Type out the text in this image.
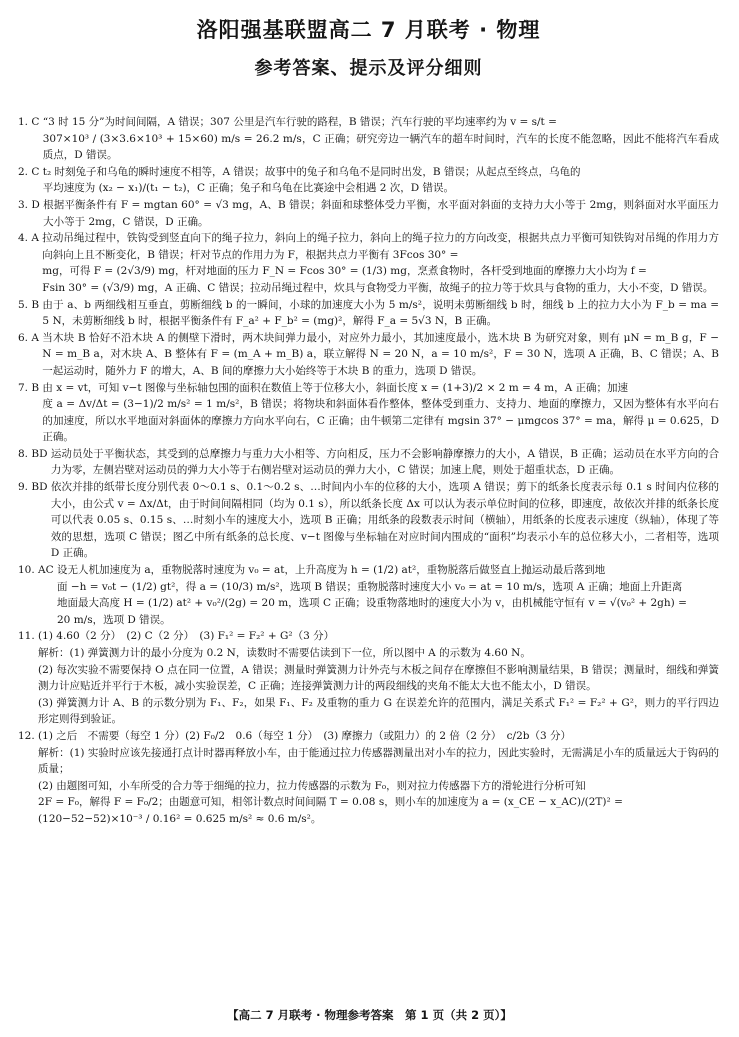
洛阳强基联盟高二 7 月联考 · 物理
参考答案、提示及评分细则
1. C “3 时 15 分”为时间间隔，A 错误；307 公里是汽车行驶的路程，B 错误；汽车行驶的平均速率约为 v = s/t =
307×10³ / (3×3.6×10³ + 15×60) m/s = 26.2 m/s，C 正确；研究旁边一辆汽车的超车时间时，汽车的长度不能忽略，因此不能将汽车看成质点，D 错误。
2. C t₂ 时刻兔子和乌龟的瞬时速度不相等，A 错误；故事中的兔子和乌龟不是同时出发，B 错误；从起点至终点，乌龟的
平均速度为 (x₂ − x₁)/(t₁ − t₂)，C 正确；兔子和乌龟在比赛途中会相遇 2 次，D 错误。
3. D 根据平衡条件有 F = mgtan 60° = √3 mg，A、B 错误；斜面和球整体受力平衡，水平面对斜面的支持力大小等于 2mg，则斜面对水平面压力大小等于 2mg，C 错误，D 正确。
4. A 拉动吊绳过程中，铁钩受到竖直向下的绳子拉力，斜向上的绳子拉力，斜向上的绳子拉力的方向改变，根据共点力平衡可知铁钩对吊绳的作用力方向斜向上且不断变化，B 错误；杆对节点的作用力为 F，根据共点力平衡有 3Fcos 30° =
mg，可得 F = (2√3/9) mg，杆对地面的压力 F_N = Fcos 30° = (1/3) mg，烹煮食物时，各杆受到地面的摩擦力大小均为 f =
Fsin 30° = (√3/9) mg，A 正确、C 错误；拉动吊绳过程中，炊具与食物受力平衡，故绳子的拉力等于炊具与食物的重力，大小不变，D 错误。
5. B 由于 a、b 两细线相互垂直，剪断细线 b 的一瞬间，小球的加速度大小为 5 m/s²，说明未剪断细线 b 时，细线 b 上的拉力大小为 F_b = ma = 5 N，未剪断细线 b 时，根据平衡条件有 F_a² + F_b² = (mg)²，解得 F_a = 5√3 N，B 正确。
6. A 当木块 B 恰好不沿木块 A 的侧壁下滑时，两木块间弹力最小，对应外力最小，其加速度最小，选木块 B 为研究对象，则有 μN = m_B g，F − N = m_B a，对木块 A、B 整体有 F = (m_A + m_B) a，联立解得 N = 20 N，a = 10 m/s²，F = 30 N，选项 A 正确，B、C 错误；A、B 一起运动时，随外力 F 的增大，A、B 间的摩擦力大小始终等于木块 B 的重力，选项 D 错误。
7. B 由 x = vt，可知 v−t 图像与坐标轴包围的面积在数值上等于位移大小，斜面长度 x = (1+3)/2 × 2 m = 4 m，A 正确；加速
度 a = Δv/Δt = (3−1)/2 m/s² = 1 m/s²，B 错误；将物块和斜面体看作整体，整体受到重力、支持力、地面的摩擦力，又因为整体有水平向右的加速度，所以水平地面对斜面体的摩擦力方向水平向右，C 正确；由牛顿第二定律有 mgsin 37° − μmgcos 37° = ma，解得 μ = 0.625，D 正确。
8. BD 运动员处于平衡状态，其受到的总摩擦力与重力大小相等、方向相反，压力不会影响静摩擦力的大小，A 错误，B 正确；运动员在水平方向的合力为零，左侧岩壁对运动员的弹力大小等于右侧岩壁对运动员的弹力大小，C 错误；加速上爬，则处于超重状态，D 正确。
9. BD 依次并排的纸带长度分别代表 0～0.1 s、0.1～0.2 s、…时间内小车的位移的大小，选项 A 错误；剪下的纸条长度表示每 0.1 s 时间内位移的大小，由公式 v = Δx/Δt，由于时间间隔相同（均为 0.1 s），所以纸条长度 Δx 可以认为表示单位时间的位移，即速度，故依次并排的纸条长度可以代表 0.05 s、0.15 s、…时刻小车的速度大小，选项 B 正确；用纸条的段数表示时间（横轴），用纸条的长度表示速度（纵轴），体现了等效的思想，选项 C 错误；图乙中所有纸条的总长度、v−t 图像与坐标轴在对应时间内围成的“面积”均表示小车的总位移大小，二者相等，选项 D 正确。
10. AC 设无人机加速度为 a，重物脱落时速度为 v₀ = at，上升高度为 h = (1/2) at²，重物脱落后做竖直上抛运动最后落到地
面 −h = v₀t − (1/2) gt²，得 a = (10/3) m/s²，选项 B 错误；重物脱落时速度大小 v₀ = at = 10 m/s，选项 A 正确；地面上升距离
地面最大高度 H = (1/2) at² + v₀²/(2g) = 20 m，选项 C 正确；设重物落地时的速度大小为 v，由机械能守恒有 v = √(v₀² + 2gh) =
20 m/s，选项 D 错误。
11. (1) 4.60（2 分）　(2) C（2 分）　(3) F₁² = F₂² + G²（3 分）
解析：(1) 弹簧测力计的最小分度为 0.2 N，读数时不需要估读到下一位，所以图中 A 的示数为 4.60 N。
(2) 每次实验不需要保持 O 点在同一位置，A 错误；测量时弹簧测力计外壳与木板之间存在摩擦但不影响测量结果，B 错误；测量时，细线和弹簧测力计应贴近并平行于木板，减小实验误差，C 正确；连接弹簧测力计的两段细线的夹角不能太大也不能太小，D 错误。
(3) 弹簧测力计 A、B 的示数分别为 F₁、F₂，如果 F₁、F₂ 及重物的重力 G 在误差允许的范围内，满足关系式 F₁² = F₂² + G²，则力的平行四边形定则得到验证。
12. (1) 之后　不需要（每空 1 分）(2) F₀/2　0.6（每空 1 分）　(3) 摩擦力（或阻力）的 2 倍（2 分）　c/2b（3 分）
解析：(1) 实验时应该先接通打点计时器再释放小车，由于能通过拉力传感器测量出对小车的拉力，因此实验时，无需满足小车的质量远大于钩码的质量；
(2) 由题图可知，小车所受的合力等于细绳的拉力，拉力传感器的示数为 F₀，则对拉力传感器下方的滑轮进行分析可知
2F = F₀，解得 F = F₀/2；由题意可知，相邻计数点时间间隔 T = 0.08 s，则小车的加速度为 a = (x_CE − x_AC)/(2T)² =
(120−52−52)×10⁻³ / 0.16² = 0.625 m/s² ≈ 0.6 m/s²。
【高二 7 月联考 · 物理参考答案　第 1 页（共 2 页）】
